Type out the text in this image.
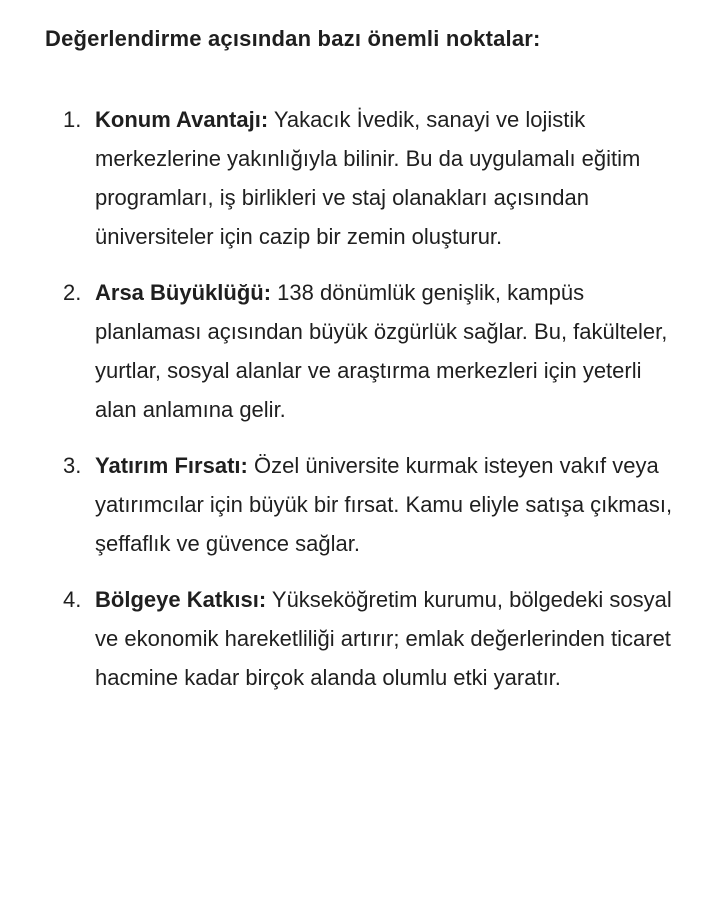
Değerlendirme açısından bazı önemli noktalar:
1. Konum Avantajı: Yakacık İvedik, sanayi ve lojistik merkezlerine yakınlığıyla bilinir. Bu da uygulamalı eğitim programları, iş birlikleri ve staj olanakları açısından üniversiteler için cazip bir zemin oluşturur.
2. Arsa Büyüklüğü: 138 dönümlük genişlik, kampüs planlaması açısından büyük özgürlük sağlar. Bu, fakülteler, yurtlar, sosyal alanlar ve araştırma merkezleri için yeterli alan anlamına gelir.
3. Yatırım Fırsatı: Özel üniversite kurmak isteyen vakıf veya yatırımcılar için büyük bir fırsat. Kamu eliyle satışa çıkması, şeffaflık ve güvence sağlar.
4. Bölgeye Katkısı: Yükseköğretim kurumu, bölgedeki sosyal ve ekonomik hareketliliği artırır; emlak değerlerinden ticaret hacmine kadar birçok alanda olumlu etki yaratır.
